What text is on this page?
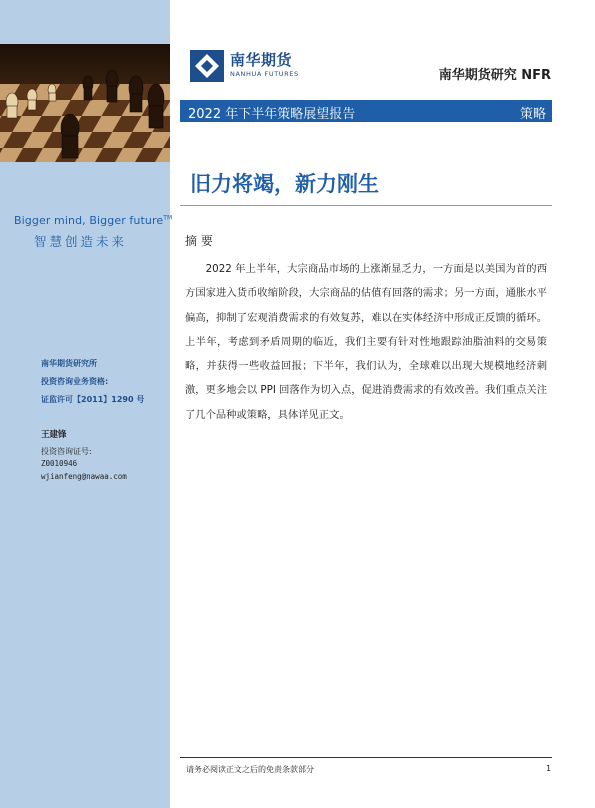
Bigger mind, Bigger future™
智慧创造未来
南华期货研究所
投资咨询业务资格:
证监许可【2011】1290 号
王建锋
投资咨询证号:
Z0010946
wjianfeng@nawaa.com
南华期货
NANHUA FUTURES	南华期货研究 NFR
2022 年下半年策略展望报告	策略
旧力将竭，新力刚生
摘 要
2022 年上半年，大宗商品市场的上涨渐显乏力，一方面是以美国为首的西方国家进入货币收缩阶段，大宗商品的估值有回落的需求；另一方面，通胀水平偏高，抑制了宏观消费需求的有效复苏，难以在实体经济中形成正反馈的循环。上半年，考虑到矛盾周期的临近，我们主要有针对性地跟踪油脂油料的交易策略，并获得一些收益回报；下半年，我们认为，全球难以出现大规模地经济刺激，更多地会以 PPI 回落作为切入点，促进消费需求的有效改善。我们重点关注了几个品种或策略，具体详见正文。
请务必阅读正文之后的免责条款部分	1
